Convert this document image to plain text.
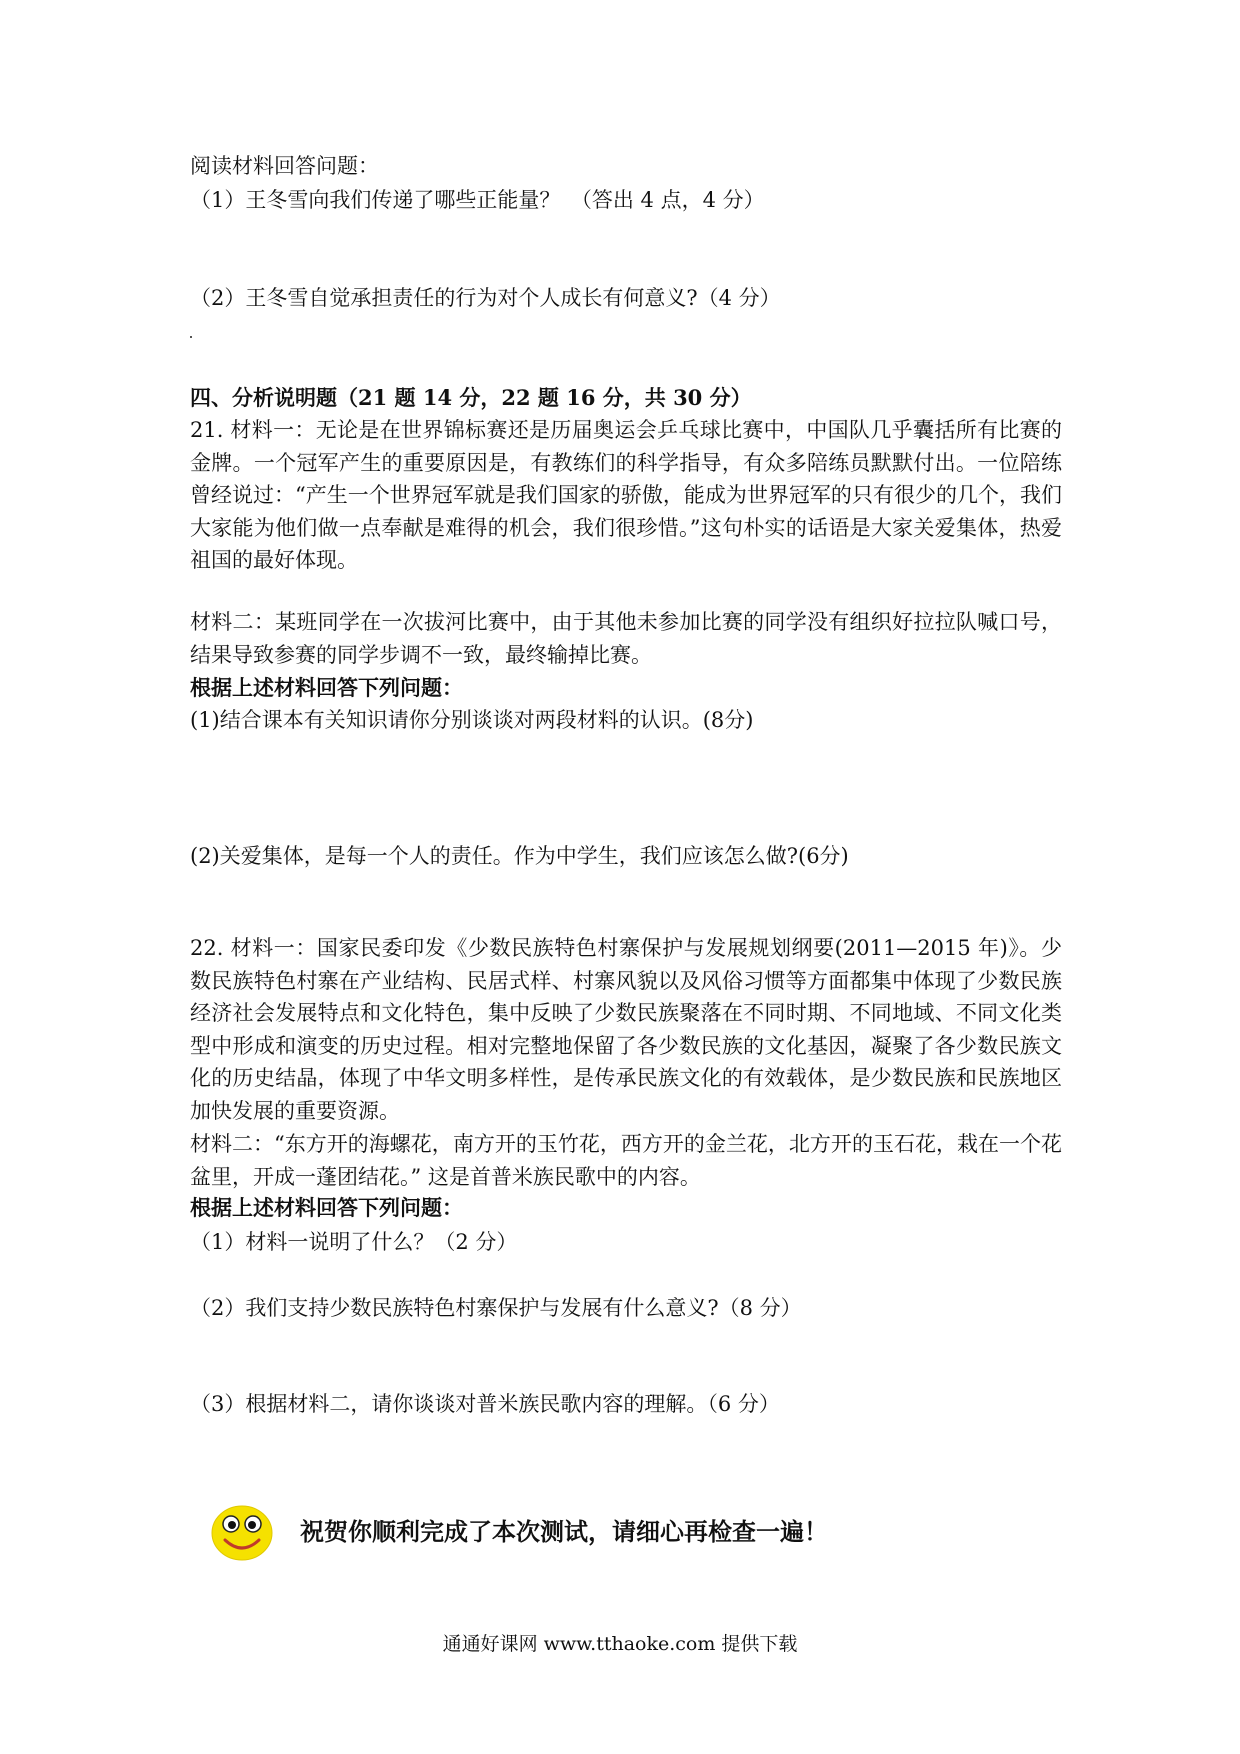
阅读材料回答问题：
（1）王冬雪向我们传递了哪些正能量？　（答出 4 点，4 分）
（2）王冬雪自觉承担责任的行为对个人成长有何意义?（4 分）
四、分析说明题（21 题 14 分，22 题 16 分，共 30 分）
21. 材料一：无论是在世界锦标赛还是历届奥运会乒乓球比赛中，中国队几乎囊括所有比赛的金牌。一个冠军产生的重要原因是，有教练们的科学指导，有众多陪练员默默付出。一位陪练曾经说过：“产生一个世界冠军就是我们国家的骄傲，能成为世界冠军的只有很少的几个，我们大家能为他们做一点奉献是难得的机会，我们很珍惜。”这句朴实的话语是大家关爱集体，热爱祖国的最好体现。
材料二：某班同学在一次拔河比赛中，由于其他未参加比赛的同学没有组织好拉拉队喊口号，结果导致参赛的同学步调不一致，最终输掉比赛。
根据上述材料回答下列问题：
(1)结合课本有关知识请你分别谈谈对两段材料的认识。(8分)
(2)关爱集体，是每一个人的责任。作为中学生，我们应该怎么做?(6分)
22. 材料一：国家民委印发《少数民族特色村寨保护与发展规划纲要(2011—2015 年)》。少数民族特色村寨在产业结构、民居式样、村寨风貌以及风俗习惯等方面都集中体现了少数民族经济社会发展特点和文化特色，集中反映了少数民族聚落在不同时期、不同地域、不同文化类型中形成和演变的历史过程。相对完整地保留了各少数民族的文化基因，凝聚了各少数民族文化的历史结晶，体现了中华文明多样性，是传承民族文化的有效载体，是少数民族和民族地区加快发展的重要资源。
材料二：“东方开的海螺花，南方开的玉竹花，西方开的金兰花，北方开的玉石花，栽在一个花盆里，开成一蓬团结花。” 这是首普米族民歌中的内容。
根据上述材料回答下列问题：
（1）材料一说明了什么？（2 分）
（2）我们支持少数民族特色村寨保护与发展有什么意义?（8 分）
（3）根据材料二，请你谈谈对普米族民歌内容的理解。（6 分）
祝贺你顺利完成了本次测试，请细心再检查一遍！
通通好课网 www.tthaoke.com 提供下载
